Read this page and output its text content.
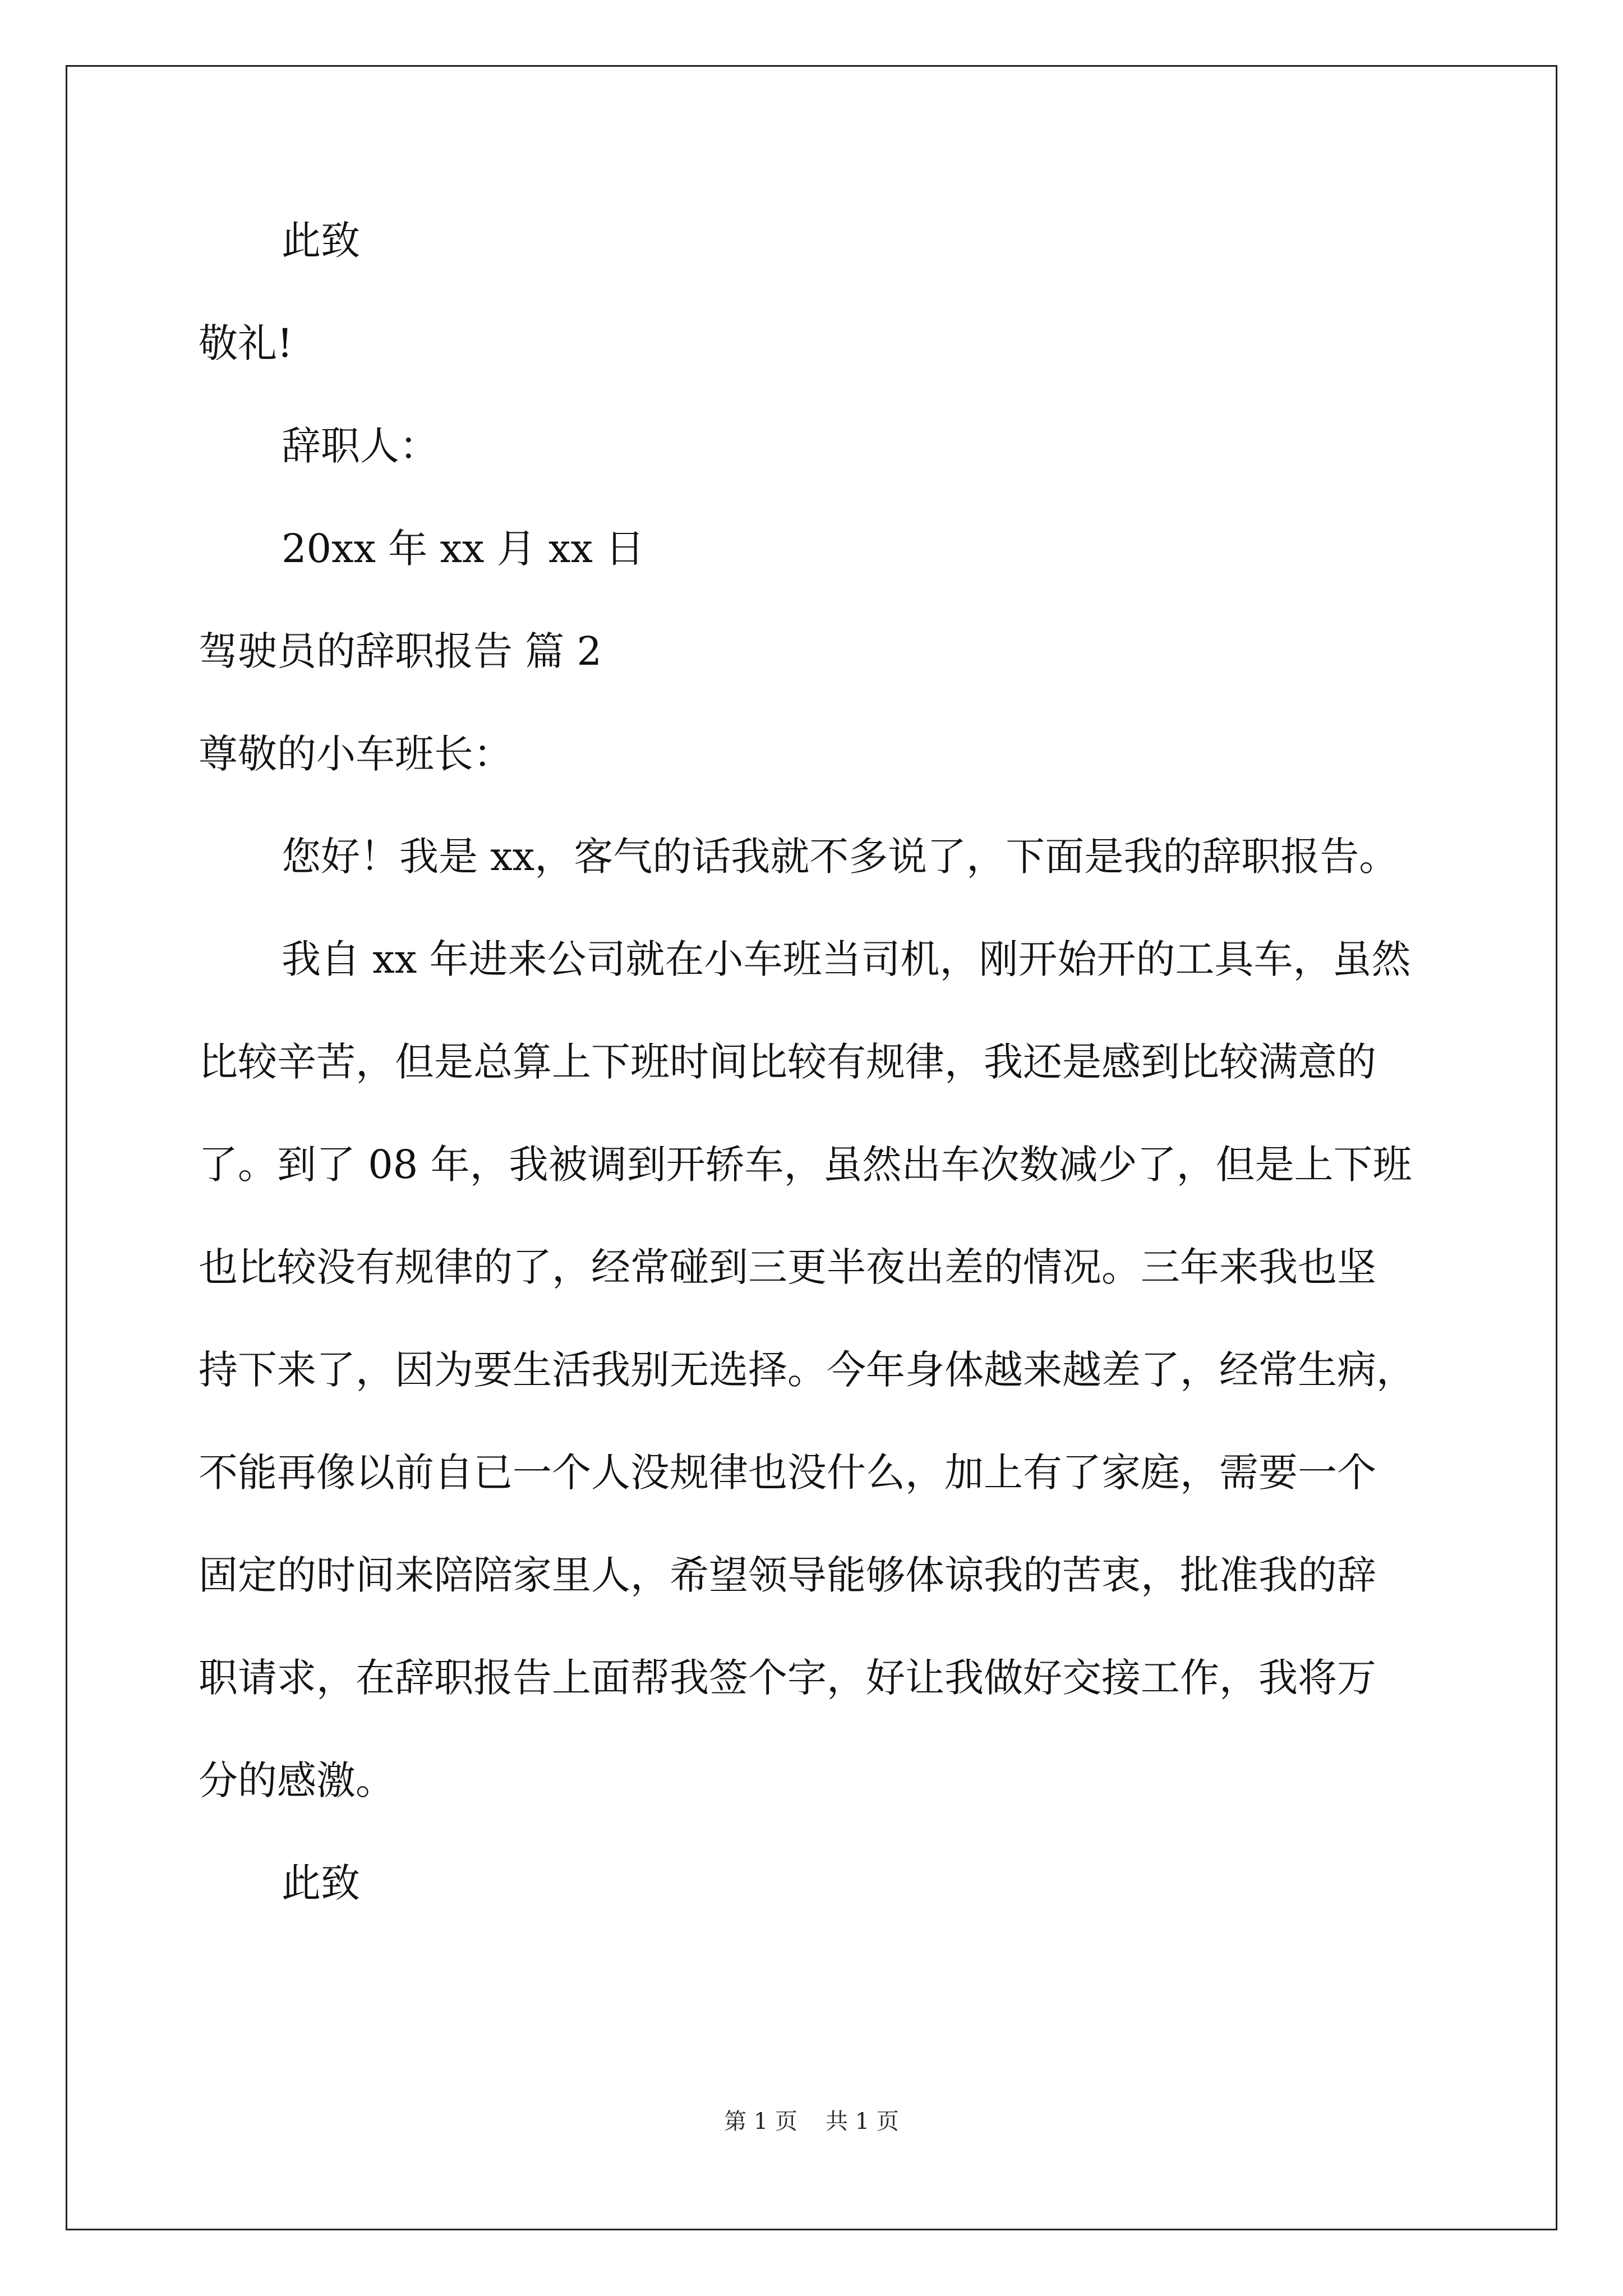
此致
敬礼!
辞职人：
20xx 年 xx 月 xx 日
驾驶员的辞职报告 篇 2
尊敬的小车班长：
您好！我是 xx，客气的话我就不多说了，下面是我的辞职报告。
我自 xx 年进来公司就在小车班当司机，刚开始开的工具车，虽然
比较辛苦，但是总算上下班时间比较有规律，我还是感到比较满意的
了。到了 08 年，我被调到开轿车，虽然出车次数减少了，但是上下班
也比较没有规律的了，经常碰到三更半夜出差的情况。三年来我也坚
持下来了，因为要生活我别无选择。今年身体越来越差了，经常生病，
不能再像以前自已一个人没规律也没什么，加上有了家庭，需要一个
固定的时间来陪陪家里人，希望领导能够体谅我的苦衷，批准我的辞
职请求，在辞职报告上面帮我签个字，好让我做好交接工作，我将万
分的感激。
此致
第 1 页 共 1 页
